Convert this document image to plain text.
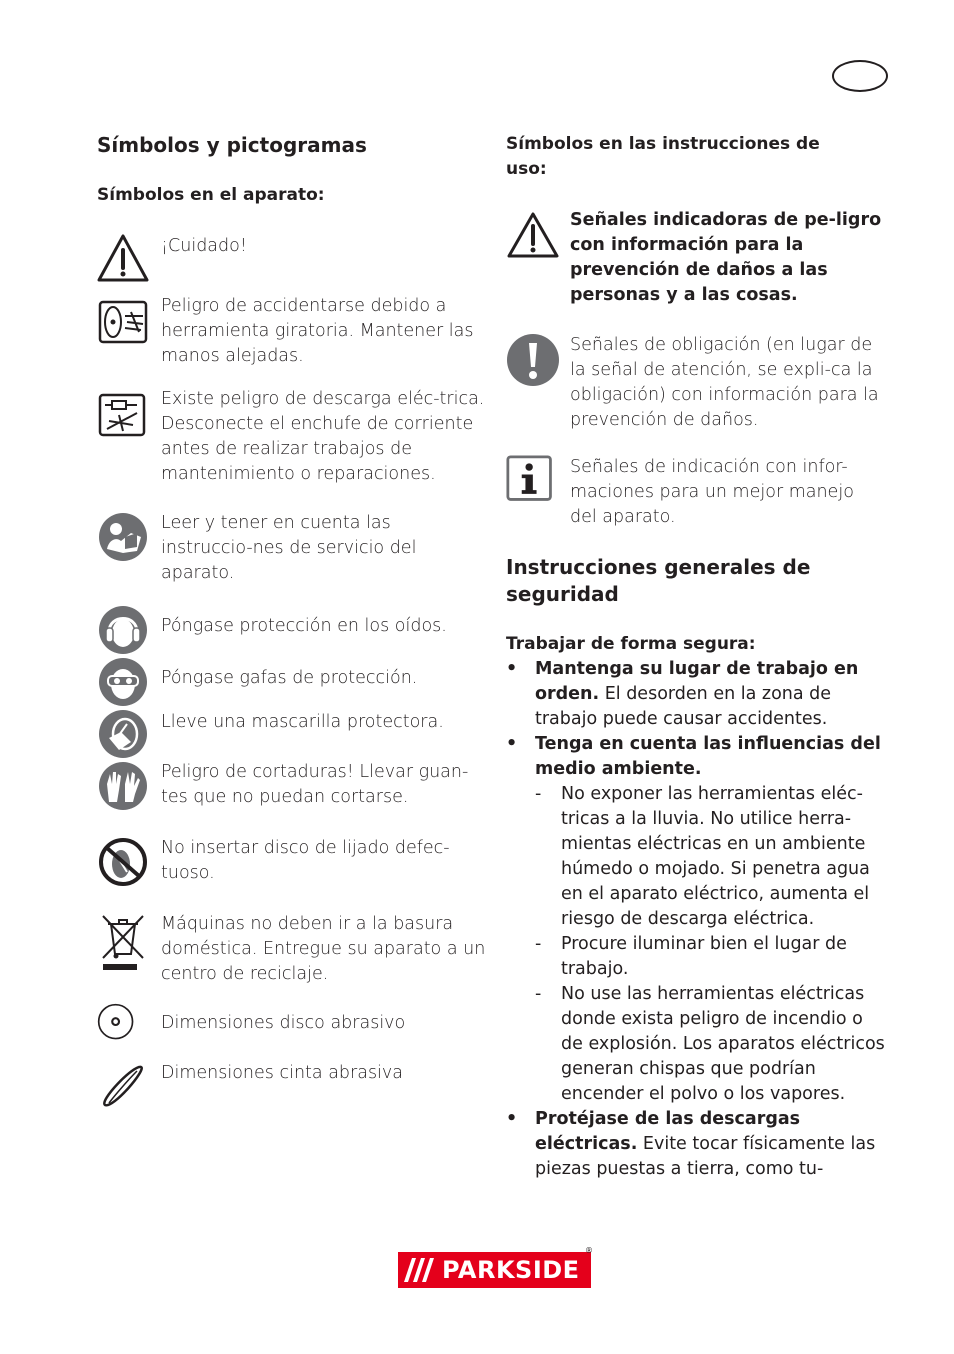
Símbolos y pictogramas
Símbolos en el aparato:
¡Cuidado!
Peligro de accidentarse debido a herramienta giratoria. Mantener las manos alejadas.
Existe peligro de descarga eléc-trica. Desconecte el enchufe de corriente antes de realizar trabajos de mantenimiento o reparaciones.
Leer y tener en cuenta las instruccio-nes de servicio del aparato.
Póngase protección en los oídos.
Póngase gafas de protección.
Lleve una mascarilla protectora.
Peligro de cortaduras! Llevar guan-tes que no puedan cortarse.
No insertar disco de lijado defec-tuoso.
Máquinas no deben ir a la basura doméstica. Entregue su aparato a un centro de reciclaje.
Dimensiones disco abrasivo
Dimensiones cinta abrasiva
Símbolos en las instrucciones de uso:
Señales indicadoras de pe-ligro con información para la prevención de daños a las personas y a las cosas.
Señales de obligación (en lugar de la señal de atención, se expli-ca la obligación) con información para la prevención de daños.
Señales de indicación con infor-maciones para un mejor manejo del aparato.
Instrucciones generales de seguridad
Trabajar de forma segura:
• Mantenga su lugar de trabajo en orden. El desorden en la zona de trabajo puede causar accidentes.
• Tenga en cuenta las influencias del medio ambiente.
- No exponer las herramientas eléc-tricas a la lluvia. No utilice herra-mientas eléctricas en un ambiente húmedo o mojado. Si penetra agua en el aparato eléctrico, aumenta el riesgo de descarga eléctrica.
- Procure iluminar bien el lugar de trabajo.
- No use las herramientas eléctricas donde exista peligro de incendio o de explosión. Los aparatos eléctricos generan chispas que podrían encender el polvo o los vapores.
• Protéjase de las descargas eléctricas. Evite tocar físicamente las piezas puestas a tierra, como tu-
PARKSIDE
®
